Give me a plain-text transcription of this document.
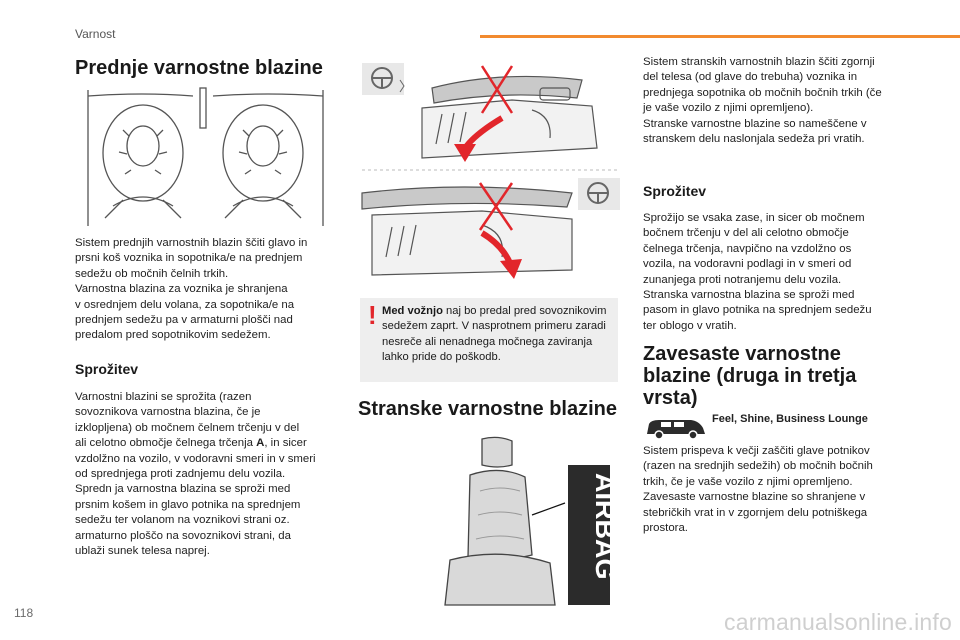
Varnost
Prednje varnostne blazine

Sistem prednjih varnostnih blazin ščiti glavo in

prsni koš voznika in sopotnika/e na prednjem

sedežu ob močnih čelnih trkih.

Varnostna blazina za voznika je shranjena

v osrednjem delu volana, za sopotnika/e na

prednjem sedežu pa v armaturni plošči nad

predalom pred sopotnikovim sedežem.

Sprožitev

Varnostni blazini se sprožita (razen

sovoznikova varnostna blazina, če je

izklopljena) ob močnem čelnem trčenju v del

ali celotno območje čelnega trčenja A, in sicer

vzdolžno na vozilo, v vodoravni smeri in v smeri

od sprednjega proti zadnjemu delu vozila.

Spredn ja varnostna blazina se sproži med

prsnim košem in glavo potnika na sprednjem

sedežu ter volanom na voznikovi strani oz.

armaturno ploščo na sovoznikovi strani, da

ublaži sunek telesa naprej.

! Med vožnjo naj bo predal pred sovoznikovim sedežem zaprt. V nasprotnem primeru zaradi nesreče ali nenadnega močnega zaviranja lahko pride do poškodb.
Stranske varnostne blazine
AIRBAG

Sistem stranskih varnostnih blazin ščiti zgornji

del telesa (od glave do trebuha) voznika in

prednjega sopotnika ob močnih bočnih trkih (če

je vaše vozilo z njimi opremljeno).

Stranske varnostne blazine so nameščene v

stranskem delu naslonjala sedeža pri vratih.

Sprožitev

Sprožijo se vsaka zase, in sicer ob močnem

bočnem trčenju v del ali celotno območje

čelnega trčenja, navpično na vzdolžno os

vozila, na vodoravni podlagi in v smeri od

zunanjega proti notranjemu delu vozila.

Stranska varnostna blazina se sproži med

pasom in glavo potnika na sprednjem sedežu

ter oblogo v vratih.

Zavesaste varnostne blazine (druga in tretja vrsta)
Feel, Shine, Business Lounge

Sistem prispeva k večji zaščiti glave potnikov

(razen na srednjih sedežih) ob močnih bočnih

trkih, če je vaše vozilo z njimi opremljeno.

Zavesaste varnostne blazine so shranjene v

stebričkih vrat in v zgornjem delu potniškega

prostora.

118	carmanualsonline.info
